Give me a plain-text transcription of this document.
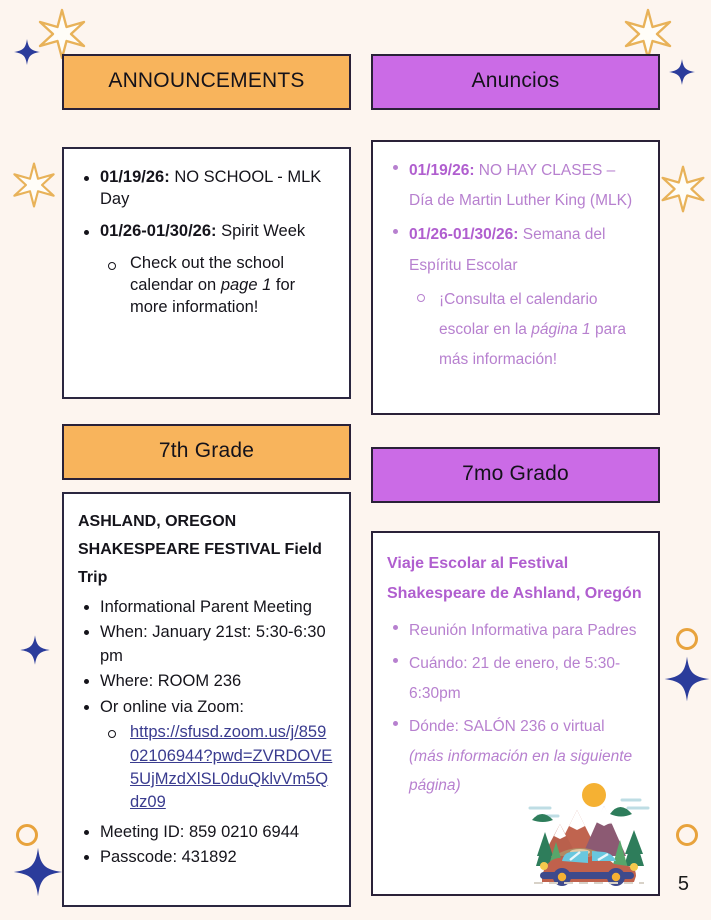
ANNOUNCEMENTS
01/19/26: NO SCHOOL - MLK Day
01/26-01/30/26: Spirit Week
Check out the school calendar on page 1 for more information!
7th Grade
ASHLAND, OREGON SHAKESPEARE FESTIVAL Field Trip
Informational Parent Meeting
When: January 21st: 5:30-6:30 pm
Where: ROOM 236
Or online via Zoom:
https://sfusd.zoom.us/j/85902106944?pwd=ZVRDOVE5UjMzdXlSL0duQklvVm5Qdz09
Meeting ID: 859 0210 6944
Passcode: 431892
Anuncios
01/19/26: NO HAY CLASES – Día de Martin Luther King (MLK)
01/26-01/30/26: Semana del Espíritu Escolar
¡Consulta el calendario escolar en la página 1 para más información!
7mo Grado
Viaje Escolar al Festival Shakespeare de Ashland, Oregón
Reunión Informativa para Padres
Cuándo: 21 de enero, de 5:30- 6:30pm
Dónde: SALÓN 236 o virtual (más información en la siguiente página)
5
